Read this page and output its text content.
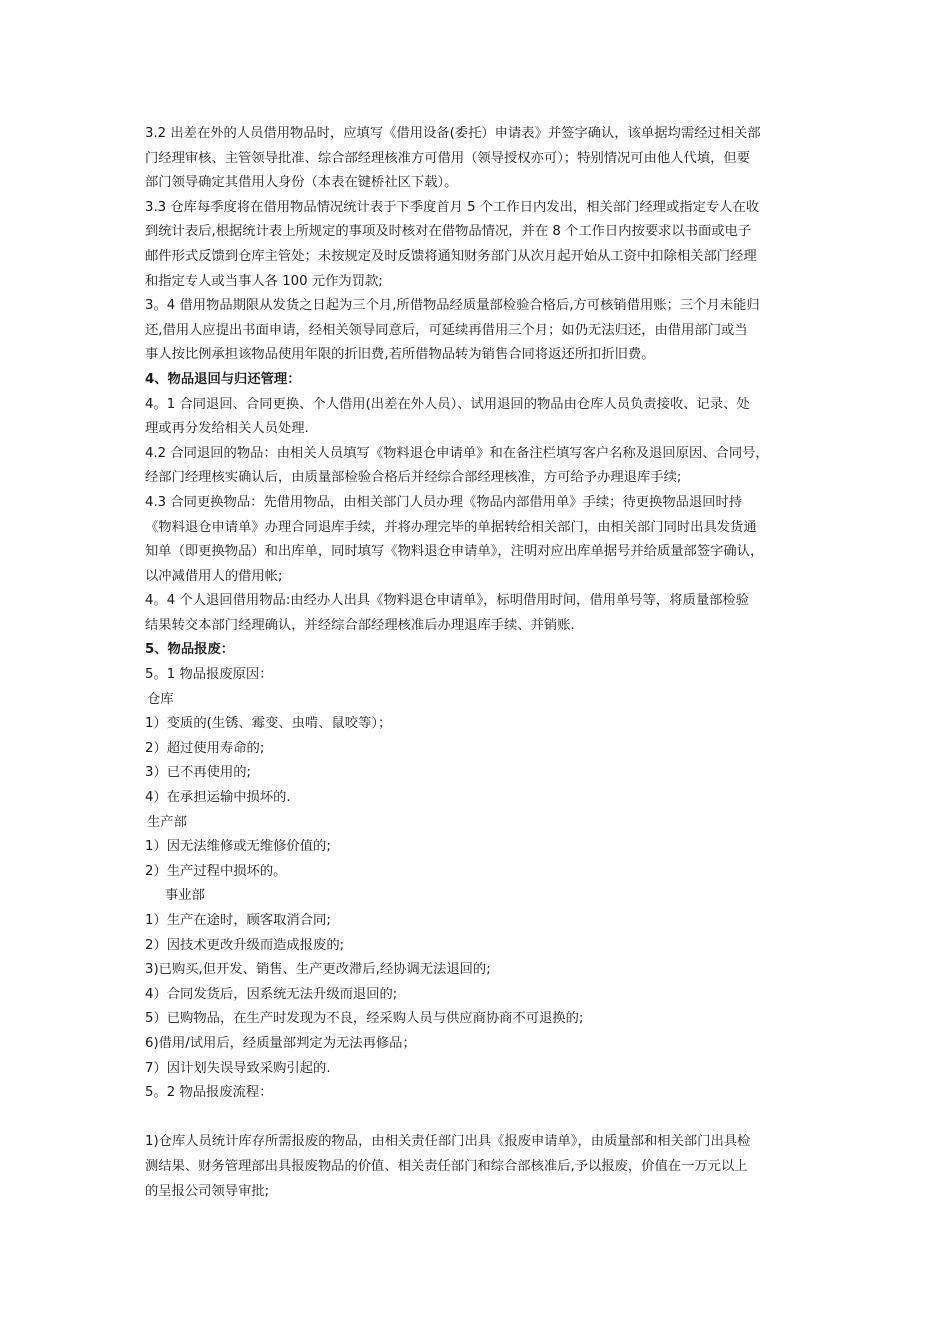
3.2 出差在外的人员借用物品时，应填写《借用设备(委托）申请表》并签字确认，该单据均需经过相关部
门经理审核、主管领导批准、综合部经理核准方可借用（领导授权亦可）；特别情况可由他人代填，但要
部门领导确定其借用人身份（本表在键桥社区下载）。
3.3 仓库每季度将在借用物品情况统计表于下季度首月 5 个工作日内发出，相关部门经理或指定专人在收
到统计表后,根据统计表上所规定的事项及时核对在借物品情况，并在 8 个工作日内按要求以书面或电子
邮件形式反馈到仓库主管处；未按规定及时反馈将通知财务部门从次月起开始从工资中扣除相关部门经理
和指定专人或当事人各 100 元作为罚款;
3。4 借用物品期限从发货之日起为三个月,所借物品经质量部检验合格后,方可核销借用账；三个月未能归
还,借用人应提出书面申请，经相关领导同意后，可延续再借用三个月；如仍无法归还，由借用部门或当
事人按比例承担该物品使用年限的折旧费,若所借物品转为销售合同将返还所扣折旧费。
4、物品退回与归还管理：
4。1 合同退回、合同更换、个人借用(出差在外人员）、试用退回的物品由仓库人员负责接收、记录、处
理或再分发给相关人员处理.
4.2 合同退回的物品：由相关人员填写《物料退仓申请单》和在备注栏填写客户名称及退回原因、合同号，
经部门经理核实确认后，由质量部检验合格后并经综合部经理核准，方可给予办理退库手续;
4.3 合同更换物品：先借用物品，由相关部门人员办理《物品内部借用单》手续；待更换物品退回时持
《物料退仓申请单》办理合同退库手续，并将办理完毕的单据转给相关部门，由相关部门同时出具发货通
知单（即更换物品）和出库单，同时填写《物料退仓申请单》，注明对应出库单据号并给质量部签字确认，
以冲减借用人的借用帐;
4。4 个人退回借用物品:由经办人出具《物料退仓申请单》，标明借用时间，借用单号等，将质量部检验
结果转交本部门经理确认，并经综合部经理核准后办理退库手续、并销账.
5、物品报废：
5。1 物品报废原因：
仓库
1）变质的(生锈、霉变、虫啃、鼠咬等）；
2）超过使用寿命的;
3）已不再使用的;
4）在承担运输中损坏的.
生产部
1）因无法维修或无维修价值的;
2）生产过程中损坏的。
事业部
1）生产在途时，顾客取消合同;
2）因技术更改升级而造成报废的;
3)已购买,但开发、销售、生产更改滞后,经协调无法退回的;
4）合同发货后，因系统无法升级而退回的;
5）已购物品，在生产时发现为不良，经采购人员与供应商协商不可退换的;
6)借用/试用后，经质量部判定为无法再修品；
7）因计划失误导致采购引起的.
5。2 物品报废流程：
1)仓库人员统计库存所需报废的物品，由相关责任部门出具《报废申请单》，由质量部和相关部门出具检
测结果、财务管理部出具报废物品的价值、相关责任部门和综合部核准后,予以报废，价值在一万元以上
的呈报公司领导审批;
